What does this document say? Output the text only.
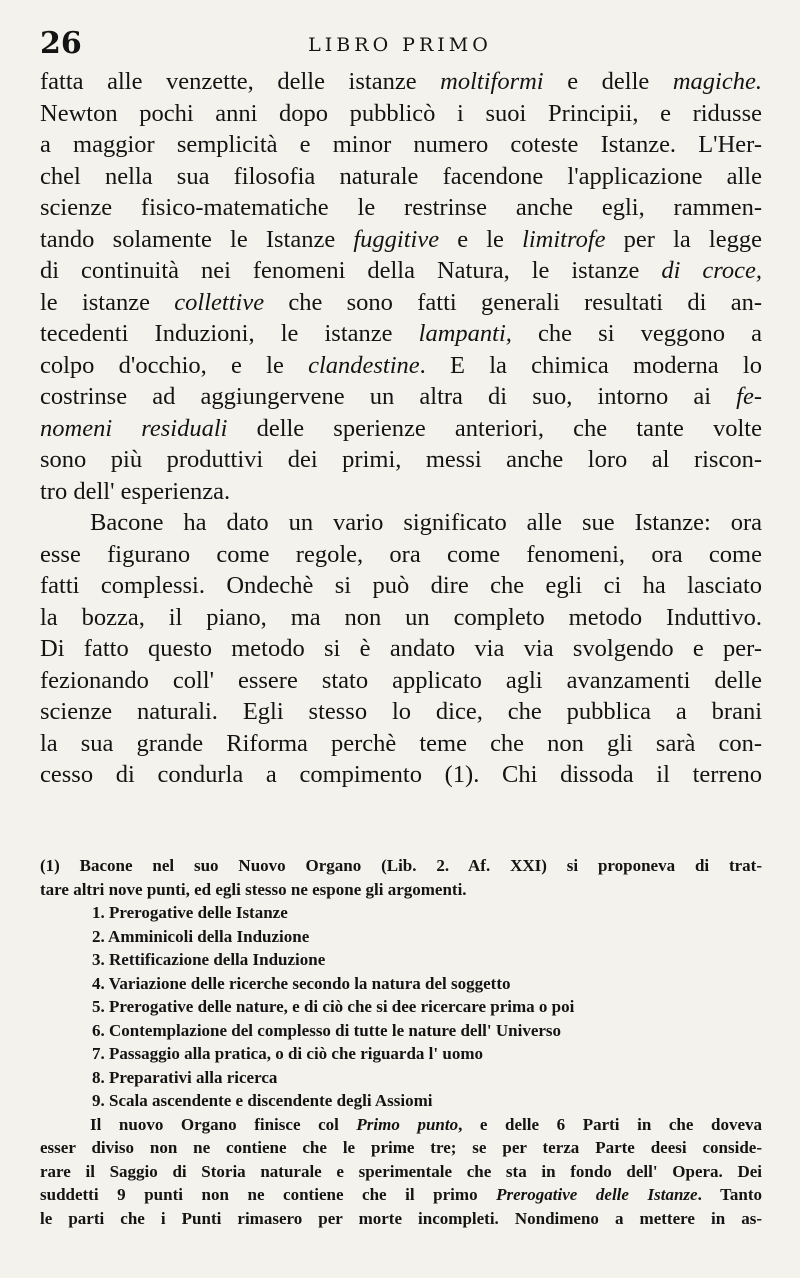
26	LIBRO PRIMO
fatta alle venzette, delle istanze moltiformi e delle magiche.
Newton pochi anni dopo pubblicò i suoi Principii, e ridusse
a maggior semplicità e minor numero coteste Istanze. L'Her-
chel nella sua filosofia naturale facendone l'applicazione alle
scienze fisico-matematiche le restrinse anche egli, rammen-
tando solamente le Istanze fuggitive e le limitrofe per la legge
di continuità nei fenomeni della Natura, le istanze di croce,
le istanze collettive che sono fatti generali resultati di an-
tecedenti Induzioni, le istanze lampanti, che si veggono a
colpo d'occhio, e le clandestine. E la chimica moderna lo
costrinse ad aggiungervene un altra di suo, intorno ai fe-
nomeni residuali delle sperienze anteriori, che tante volte
sono più produttivi dei primi, messi anche loro al riscon-
tro dell' esperienza.
Bacone ha dato un vario significato alle sue Istanze: ora
esse figurano come regole, ora come fenomeni, ora come
fatti complessi. Ondechè si può dire che egli ci ha lasciato
la bozza, il piano, ma non un completo metodo Induttivo.
Di fatto questo metodo si è andato via via svolgendo e per-
fezionando coll' essere stato applicato agli avanzamenti delle
scienze naturali. Egli stesso lo dice, che pubblica a brani
la sua grande Riforma perchè teme che non gli sarà con-
cesso di condurla a compimento (1). Chi dissoda il terreno
(1) Bacone nel suo Nuovo Organo (Lib. 2. Af. XXI) si proponeva di trat-
tare altri nove punti, ed egli stesso ne espone gli argomenti.
1. Prerogative delle Istanze
2. Amminicoli della Induzione
3. Rettificazione della Induzione
4. Variazione delle ricerche secondo la natura del soggetto
5. Prerogative delle nature, e di ciò che si dee ricercare prima o poi
6. Contemplazione del complesso di tutte le nature dell' Universo
7. Passaggio alla pratica, o di ciò che riguarda l' uomo
8. Preparativi alla ricerca
9. Scala ascendente e discendente degli Assiomi
Il nuovo Organo finisce col Primo punto, e delle 6 Parti in che doveva
esser diviso non ne contiene che le prime tre; se per terza Parte deesi conside-
rare il Saggio di Storia naturale e sperimentale che sta in fondo dell' Opera. Dei
suddetti 9 punti non ne contiene che il primo Prerogative delle Istanze. Tanto
le parti che i Punti rimasero per morte incompleti. Nondimeno a mettere in as-
